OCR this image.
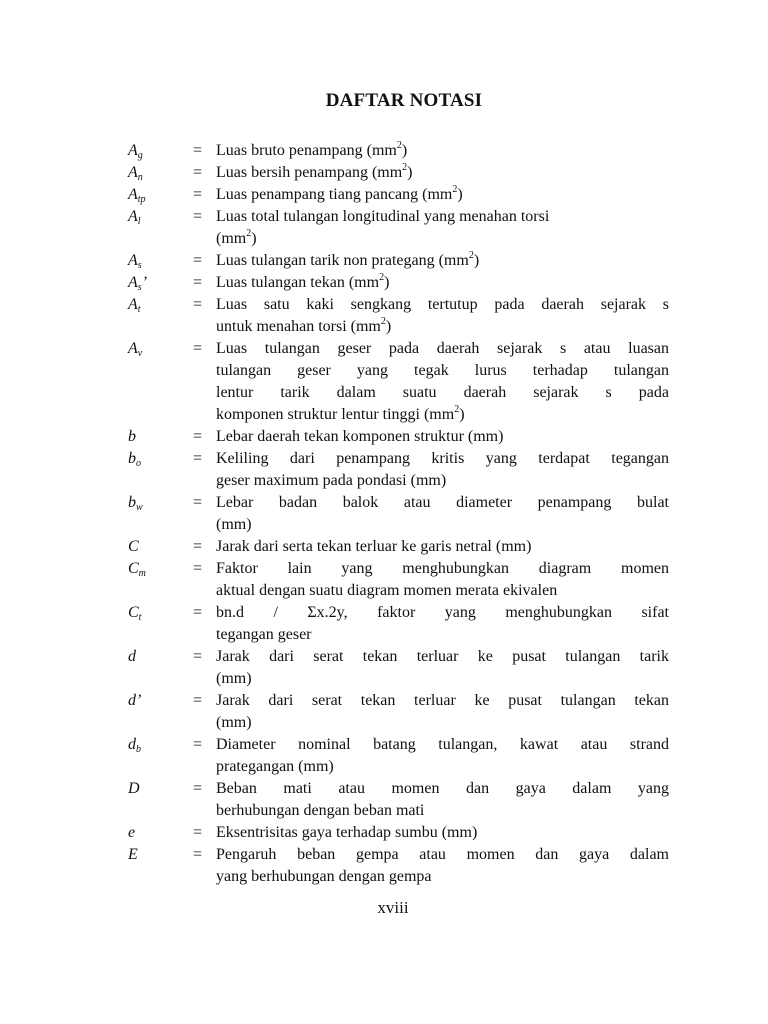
DAFTAR NOTASI
$A_g$	= Luas bruto penampang $(mm^2)$
$A_n$	= Luas bersih penampang $(mm^2)$
$A_{tp}$	= Luas penampang tiang pancang $(mm^2)$
$A_l$	= Luas total tulangan longitudinal yang menahan torsi
$(mm^2)$
$A_s$	= Luas tulangan tarik non prategang $(mm^2)$
$A_s$’	= Luas tulangan tekan $(mm^2)$
$A_t$	= Luas satu kaki sengkang tertutup pada daerah sejarak s
untuk menahan torsi $(mm^2)$
$A_v$	= Luas tulangan geser pada daerah sejarak s atau luasan
tulangan geser yang tegak lurus terhadap tulangan
lentur tarik dalam suatu daerah sejarak s pada
komponen struktur lentur tinggi $(mm^2)$
b	= Lebar daerah tekan komponen struktur (mm)
$b_o$	= Keliling dari penampang kritis yang terdapat tegangan
geser maximum pada pondasi (mm)
$b_w$	= Lebar badan balok atau diameter penampang bulat
(mm)
C	= Jarak dari serta tekan terluar ke garis netral (mm)
$C_m$	= Faktor lain yang menghubungkan diagram momen
aktual dengan suatu diagram momen merata ekivalen
$C_t$	= bn.d / Σx.2y, faktor yang menghubungkan sifat
tegangan geser
d	= Jarak dari serat tekan terluar ke pusat tulangan tarik
(mm)
d’	= Jarak dari serat tekan terluar ke pusat tulangan tekan
(mm)
$d_b$	= Diameter nominal batang tulangan, kawat atau strand
prategangan (mm)
D	= Beban mati atau momen dan gaya dalam yang
berhubungan dengan beban mati
e	= Eksentrisitas gaya terhadap sumbu (mm)
E	= Pengaruh beban gempa atau momen dan gaya dalam
yang berhubungan dengan gempa
xviii
